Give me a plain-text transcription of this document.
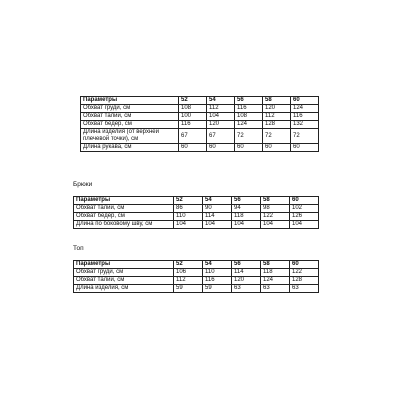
Параметры	52	54	56	58	60
Обхват груди, см	108	112	116	120	124
Обхват талии, см	100	104	108	112	116
Обхват бедер, см	116	120	124	128	132
Длина изделия (от верхней плечевой точки), см	67	67	72	72	72
Длина рукава, см	60	60	60	60	60
Брюки
Параметры	52	54	56	58	60
Обхват талии, см	86	90	94	98	102
Обхват бедер, см	110	114	118	122	126
Длина по боковому шву, см	104	104	104	104	104
Топ
Параметры	52	54	56	58	60
Обхват груди, см	106	110	114	118	122
Обхват талии, см	112	116	120	124	128
Длина изделия, см	59	59	63	63	63
